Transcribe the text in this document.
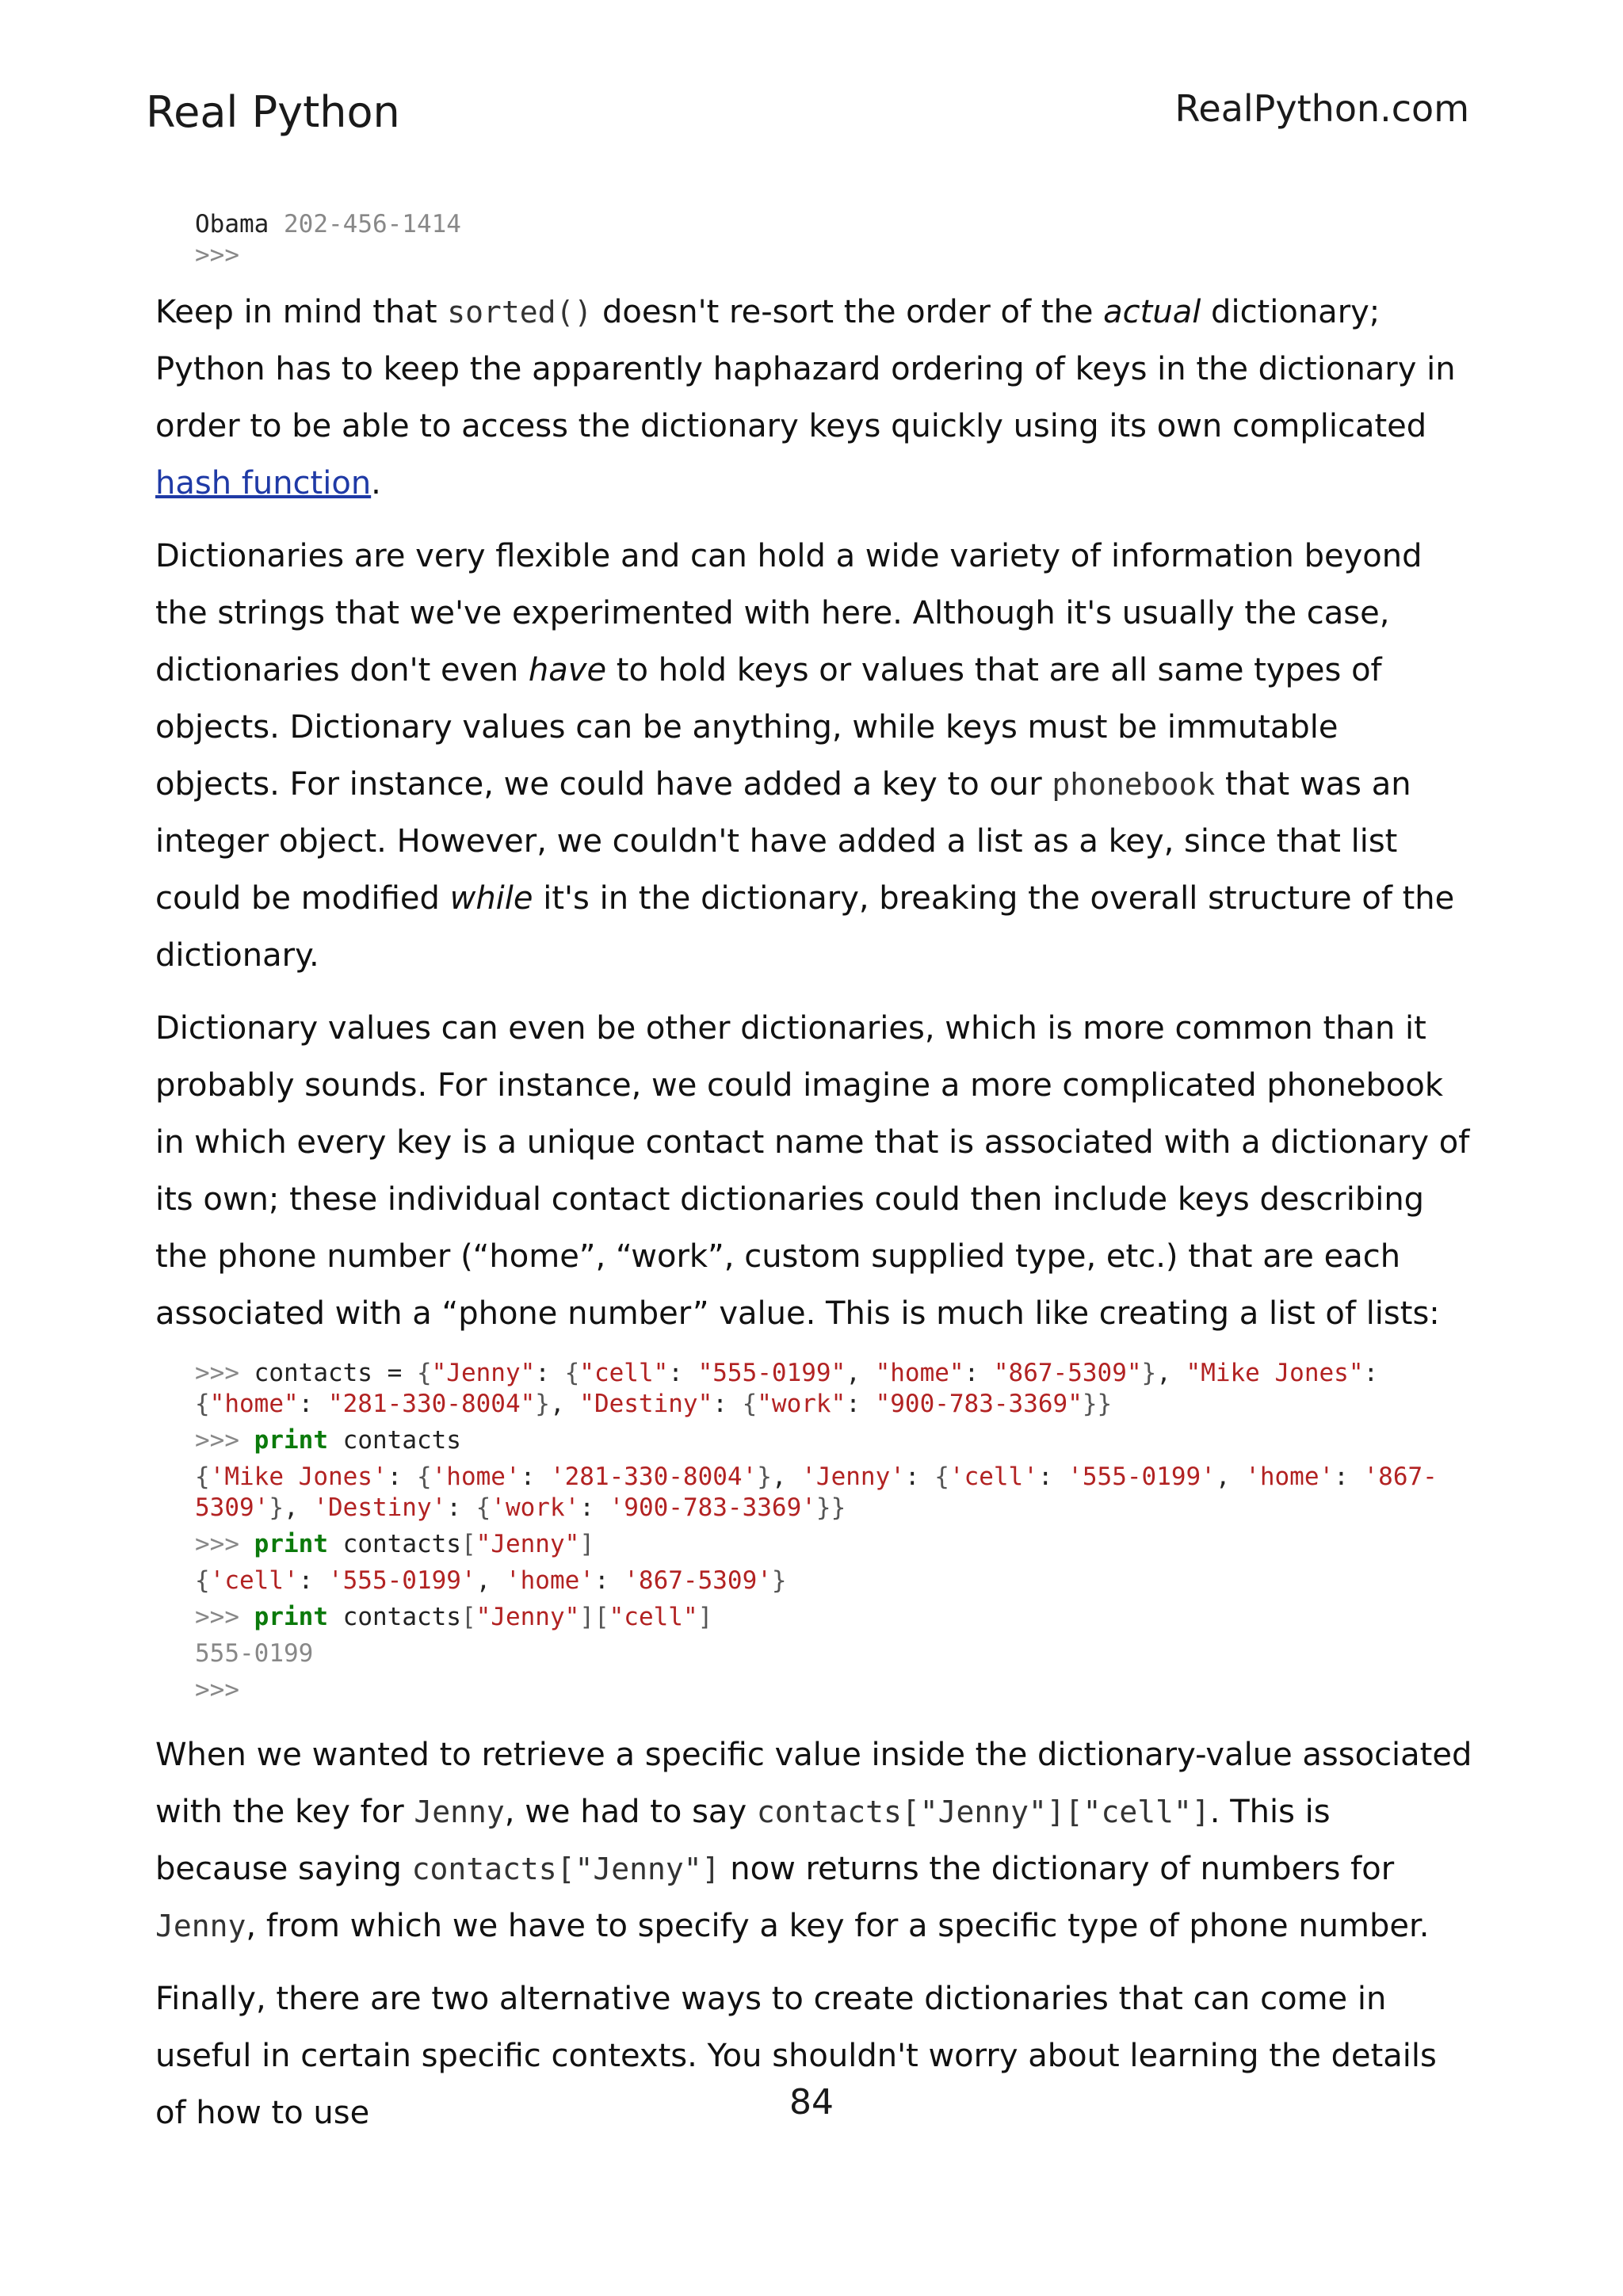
Real Python	RealPython.com
Obama 202-456-1414
>>>

Keep in mind that sorted() doesn't re-sort the order of the actual dictionary; Python has to keep the apparently haphazard ordering of keys in the dictionary in order to be able to access the dictionary keys quickly using its own complicated hash function.

Dictionaries are very flexible and can hold a wide variety of information beyond the strings that we've experimented with here. Although it's usually the case, dictionaries don't even have to hold keys or values that are all same types of objects. Dictionary values can be anything, while keys must be immutable objects. For instance, we could have added a key to our phonebook that was an integer object. However, we couldn't have added a list as a key, since that list could be modified while it's in the dictionary, breaking the overall structure of the dictionary.

Dictionary values can even be other dictionaries, which is more common than it probably sounds. For instance, we could imagine a more complicated phonebook in which every key is a unique contact name that is associated with a dictionary of its own; these individual contact dictionaries could then include keys describing the phone number (“home”, “work”, custom supplied type, etc.) that are each associated with a “phone number” value. This is much like creating a list of lists:

>>> contacts = {"Jenny": {"cell": "555-0199", "home": "867-5309"}, "Mike Jones": {"home": "281-330-8004"}, "Destiny": {"work": "900-783-3369"}}
>>> print contacts
{'Mike Jones': {'home': '281-330-8004'}, 'Jenny': {'cell': '555-0199', 'home': '867-5309'}, 'Destiny': {'work': '900-783-3369'}}
>>> print contacts["Jenny"]
{'cell': '555-0199', 'home': '867-5309'}
>>> print contacts["Jenny"]["cell"]
555-0199
>>>

When we wanted to retrieve a specific value inside the dictionary-value associated with the key for Jenny, we had to say contacts["Jenny"]["cell"]. This is because saying contacts["Jenny"] now returns the dictionary of numbers for Jenny, from which we have to specify a key for a specific type of phone number.

Finally, there are two alternative ways to create dictionaries that can come in useful in certain specific contexts. You shouldn't worry about learning the details of how to use	84
